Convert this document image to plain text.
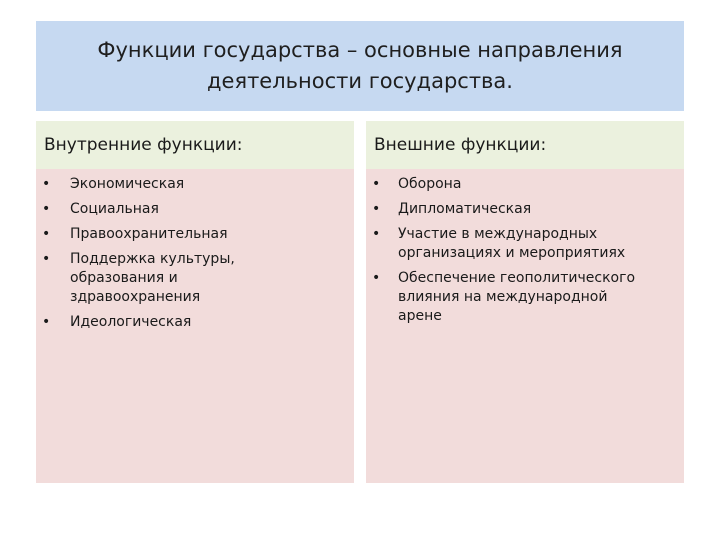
Функции государства – основные направления
деятельности государства.
Внутренние функции:
•	Экономическая
•	Социальная
•	Правоохранительная
•	Поддержка культуры,
образования и
здравоохранения
•	Идеологическая
Внешние функции:
•	Оборона
•	Дипломатическая
•	Участие в международных
организациях и мероприятиях
•	Обеспечение геополитического
влияния на международной
арене
